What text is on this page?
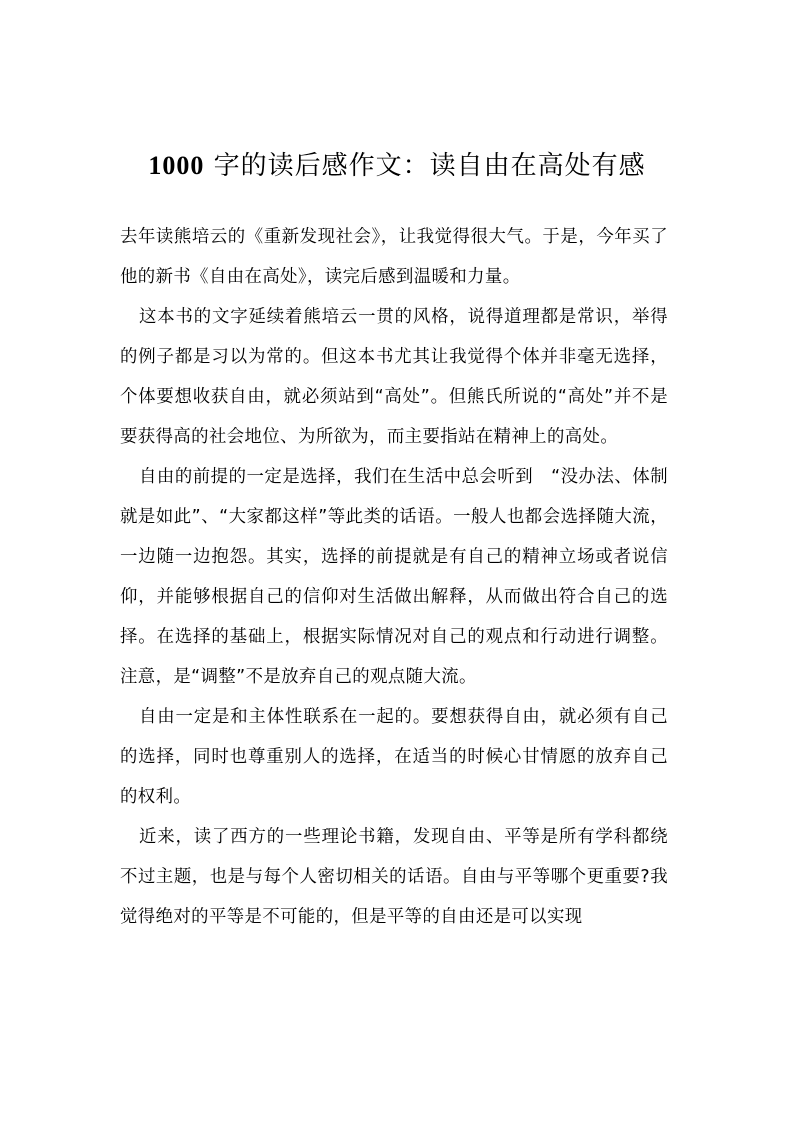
1000 字的读后感作文：读自由在高处有感

去年读熊培云的《重新发现社会》，让我觉得很大气。于是，今年买了他的新书《自由在高处》，读完后感到温暖和力量。

这本书的文字延续着熊培云一贯的风格，说得道理都是常识，举得的例子都是习以为常的。但这本书尤其让我觉得个体并非毫无选择，个体要想收获自由，就必须站到“高处”。但熊氏所说的“高处”并不是要获得高的社会地位、为所欲为，而主要指站在精神上的高处。

自由的前提的一定是选择，我们在生活中总会听到　“没办法、体制就是如此”、“大家都这样”等此类的话语。一般人也都会选择随大流，一边随一边抱怨。其实，选择的前提就是有自己的精神立场或者说信仰，并能够根据自己的信仰对生活做出解释，从而做出符合自己的选择。在选择的基础上，根据实际情况对自己的观点和行动进行调整。注意，是“调整”不是放弃自己的观点随大流。

自由一定是和主体性联系在一起的。要想获得自由，就必须有自己的选择，同时也尊重别人的选择，在适当的时候心甘情愿的放弃自己的权利。

近来，读了西方的一些理论书籍，发现自由、平等是所有学科都绕不过主题，也是与每个人密切相关的话语。自由与平等哪个更重要?我觉得绝对的平等是不可能的，但是平等的自由还是可以实现
